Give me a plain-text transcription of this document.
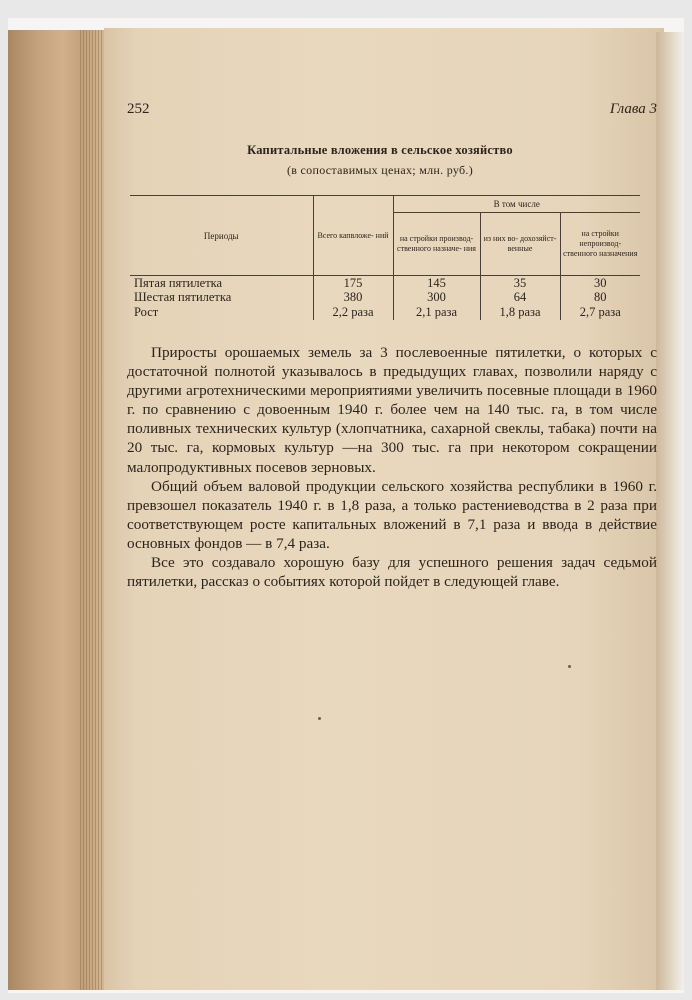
252	Глава 3
Капитальные вложения в сельское хозяйство
(в сопоставимых ценах; млн. руб.)
Периоды	Всего капвложе- ний	В том числе		
		на стройки производ- ственного назначе- ния	из них вo- дохозяйст- венные	на стройки непроизвод- ственного назначения
Пятая пятилетка	175	145	35	30
Шестая пятилетка	380	300	64	80
Рост	2,2 раза	2,1 раза	1,8 раза	2,7 раза

Приросты орошаемых земель за 3 послевоенные пятилетки, о которых с достаточной полнотой указывалось в предыдущих главах, позволили наряду с другими агротехническими мероприятиями увеличить посевные площади в 1960 г. по сравнению с довоенным 1940 г. более чем на 140 тыс. га, в том числе поливных технических культур (хлопчатника, сахарной свеклы, табака) почти на 20 тыс. га, кормовых культур —на 300 тыс. га при некотором сокращении малопродуктивных посевов зерновых.

Общий объем валовой продукции сельского хозяйства республики в 1960 г. превзошел показатель 1940 г. в 1,8 раза, а только растениеводства в 2 раза при соответствующем росте капитальных вложений в 7,1 раза и ввода в действие основных фондов — в 7,4 раза.

Все это создавало хорошую базу для успешного решения задач седьмой пятилетки, рассказ о событиях которой пойдет в следующей главе.
